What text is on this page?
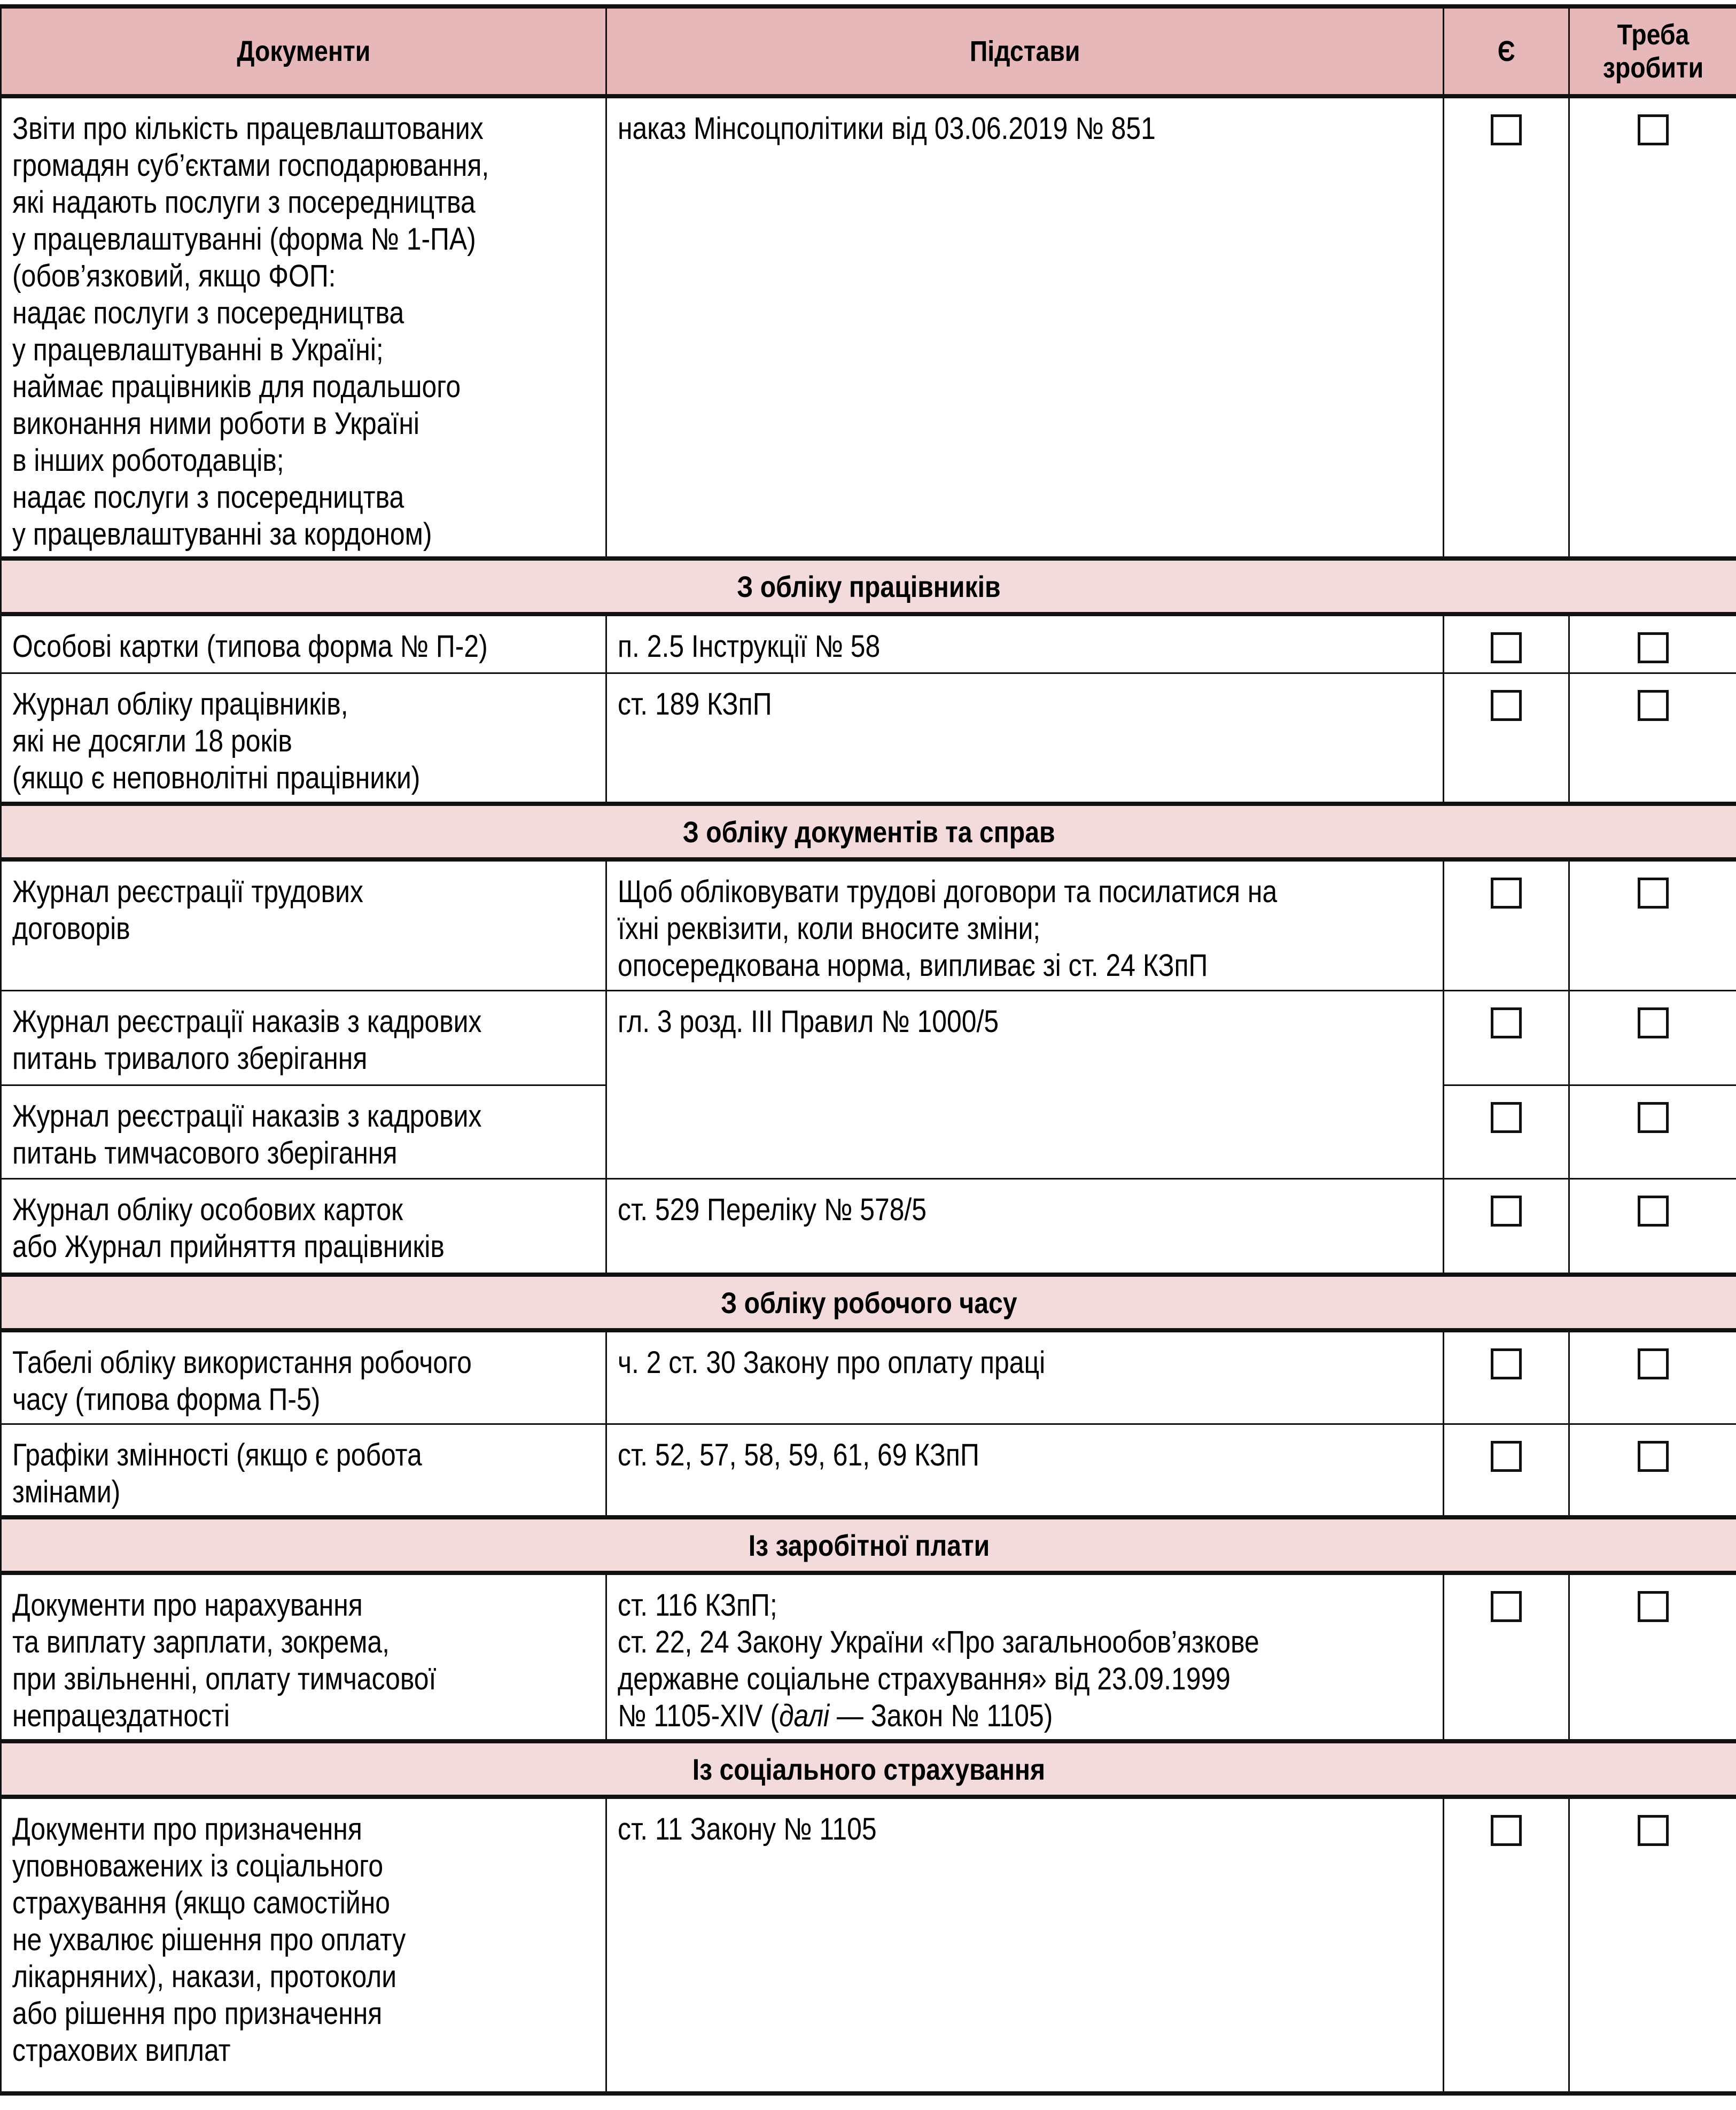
Документи	Підстави	Є	Треба зробити
Звіти про кількість працевлаштованих
громадян суб’єктами господарювання,
які надають послуги з посередництва
у працевлаштуванні (форма № 1-ПА)
(обов’язковий, якщо ФОП:
надає послуги з посередництва
у працевлаштуванні в Україні;
наймає працівників для подальшого
виконання ними роботи в Україні
в інших роботодавців;
надає послуги з посередництва
у працевлаштуванні за кордоном)	наказ Мінсоцполітики від 03.06.2019 № 851		
З обліку працівників			
Особові картки (типова форма № П-2)	п. 2.5 Інструкції № 58		
Журнал обліку працівників,
які не досягли 18 років
(якщо є неповнолітні працівники)	ст. 189 КЗпП		
З обліку документів та справ			
Журнал реєстрації трудових
договорів	Щоб обліковувати трудові договори та посилатися на
їхні реквізити, коли вносите зміни;
опосередкована норма, випливає зі ст. 24 КЗпП		
Журнал реєстрації наказів з кадрових
питань тривалого зберігання	гл. 3 розд. ІІІ Правил № 1000/5		
Журнал реєстрації наказів з кадрових
питань тимчасового зберігання			
Журнал обліку особових карток
або Журнал прийняття працівників	ст. 529 Переліку № 578/5		
З обліку робочого часу			
Табелі обліку використання робочого
часу (типова форма П-5)	ч. 2 ст. 30 Закону про оплату праці		
Графіки змінності (якщо є робота
змінами)	ст. 52, 57, 58, 59, 61, 69 КЗпП		
Із заробітної плати			
Документи про нарахування
та виплату зарплати, зокрема,
при звільненні, оплату тимчасової
непрацездатності	ст. 116 КЗпП;
ст. 22, 24 Закону України «Про загальнообов’язкове
державне соціальне страхування» від 23.09.1999
№ 1105-XIV (далі — Закон № 1105)		
Із соціального страхування			
Документи про призначення
уповноважених із соціального
страхування (якщо самостійно
не ухвалює рішення про оплату
лікарняних), накази, протоколи
або рішення про призначення
страхових виплат	ст. 11 Закону № 1105		
